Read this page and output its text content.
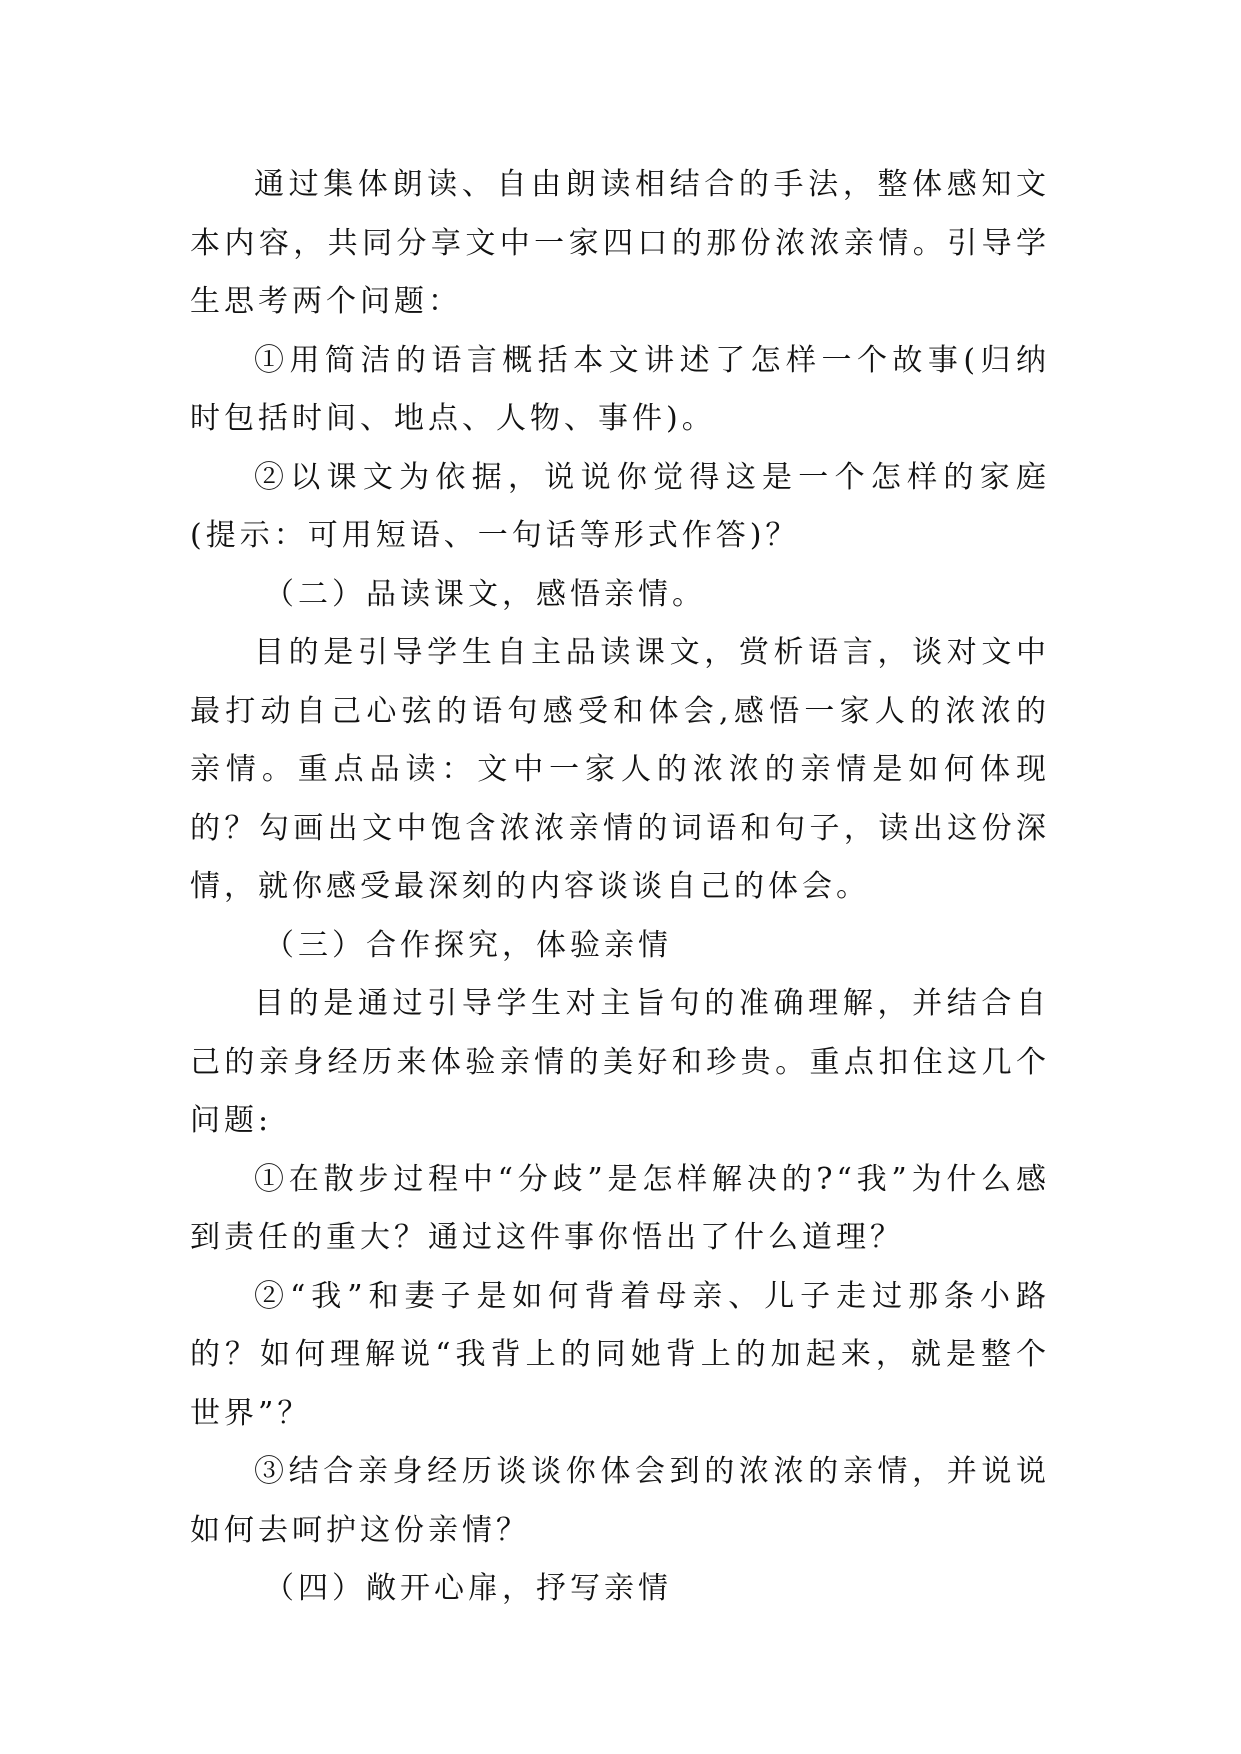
通过集体朗读、自由朗读相结合的手法，整体感知文本内容，共同分享文中一家四口的那份浓浓亲情。引导学生思考两个问题：

①用简洁的语言概括本文讲述了怎样一个故事(归纳时包括时间、地点、人物、事件)。

②以课文为依据，说说你觉得这是一个怎样的家庭(提示：可用短语、一句话等形式作答)？

（二）品读课文，感悟亲情。

目的是引导学生自主品读课文，赏析语言，谈对文中最打动自己心弦的语句感受和体会,感悟一家人的浓浓的亲情。重点品读：文中一家人的浓浓的亲情是如何体现的？勾画出文中饱含浓浓亲情的词语和句子，读出这份深情，就你感受最深刻的内容谈谈自己的体会。

（三）合作探究，体验亲情

目的是通过引导学生对主旨句的准确理解，并结合自己的亲身经历来体验亲情的美好和珍贵。重点扣住这几个问题:

①在散步过程中“分歧”是怎样解决的?“我”为什么感到责任的重大？通过这件事你悟出了什么道理？

②“我”和妻子是如何背着母亲、儿子走过那条小路的？如何理解说“我背上的同她背上的加起来，就是整个世界”？

③结合亲身经历谈谈你体会到的浓浓的亲情，并说说如何去呵护这份亲情？

（四）敞开心扉，抒写亲情
